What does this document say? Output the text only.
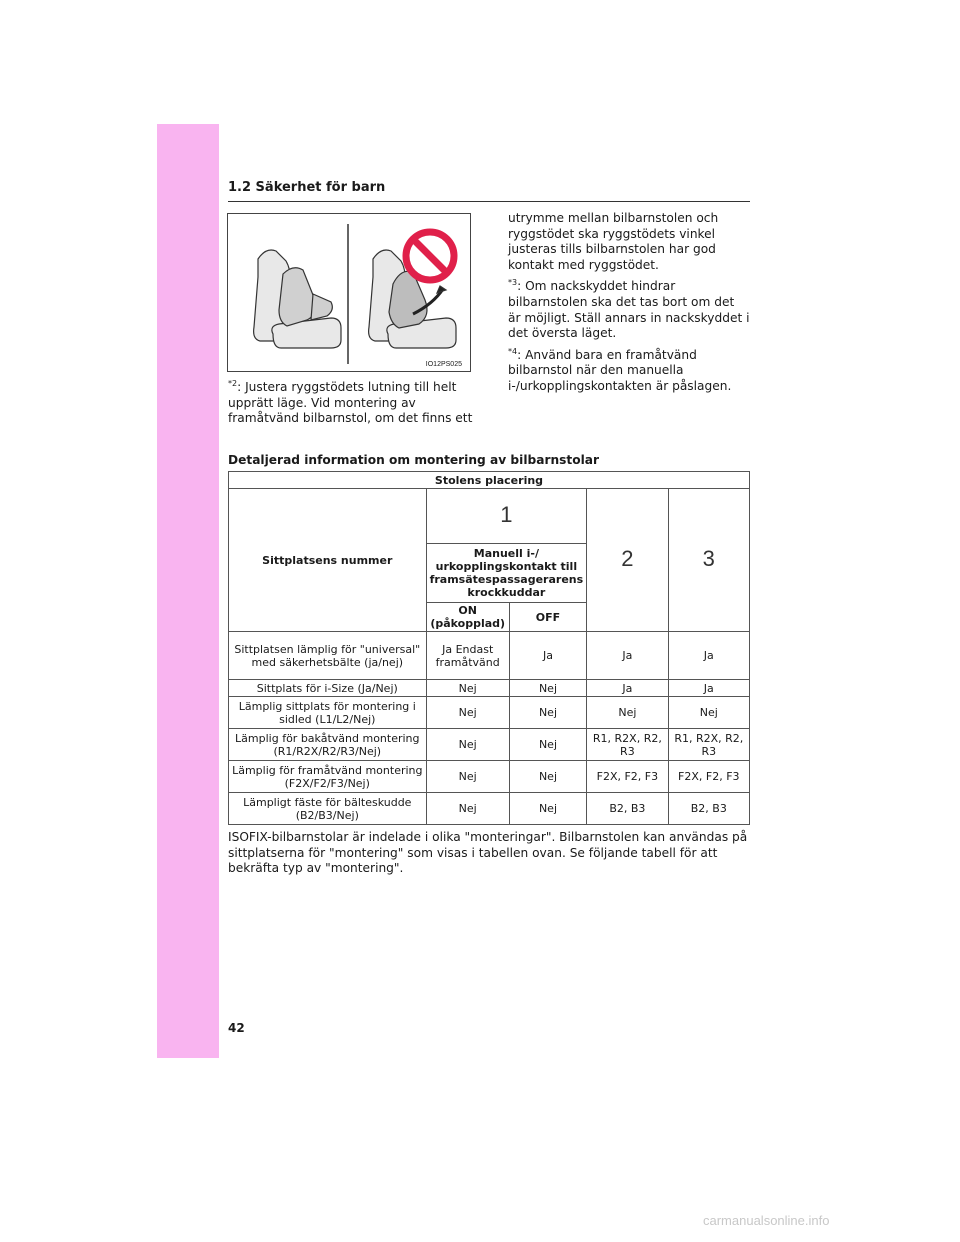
1.2 Säkerhet för barn
IO12PS025
$^{*2}$: Justera ryggstödets lutning till helt upprätt läge. Vid montering av framåtvänd bilbarnstol, om det finns ett
utrymme mellan bilbarnstolen och ryggstödet ska ryggstödets vinkel justeras tills bilbarnstolen har god kontakt med ryggstödet.
$^{*3}$: Om nackskyddet hindrar bilbarnstolen ska det tas bort om det är möjligt. Ställ annars in nackskyddet i det översta läget.
$^{*4}$: Använd bara en framåtvänd bilbarnstol när den manuella i-/urkopplingskontakten är påslagen.
Detaljerad information om montering av bilbarnstolar
Stolens placering				
Sittplatsens nummer	1		2	3
	Manuell i-/ urkopplingskontakt till framsätespassagerarens krockkuddar			
	ON (påkopplad)	OFF		
Sittplatsen lämplig för "universal" med säkerhetsbälte (ja/nej)	Ja Endast framåtvänd	Ja	Ja	Ja
Sittplats för i-Size (Ja/Nej)	Nej	Nej	Ja	Ja
Lämplig sittplats för montering i sidled (L1/L2/Nej)	Nej	Nej	Nej	Nej
Lämplig för bakåtvänd montering (R1/R2X/R2/R3/Nej)	Nej	Nej	R1, R2X, R2, R3	R1, R2X, R2, R3
Lämplig för framåtvänd montering (F2X/F2/F3/Nej)	Nej	Nej	F2X, F2, F3	F2X, F2, F3
Lämpligt fäste för bälteskudde (B2/B3/Nej)	Nej	Nej	B2, B3	B2, B3
ISOFIX-bilbarnstolar är indelade i olika "monteringar". Bilbarnstolen kan användas på sittplatserna för "montering" som visas i tabellen ovan. Se följande tabell för att bekräfta typ av "montering".
42
carmanualsonline.info
